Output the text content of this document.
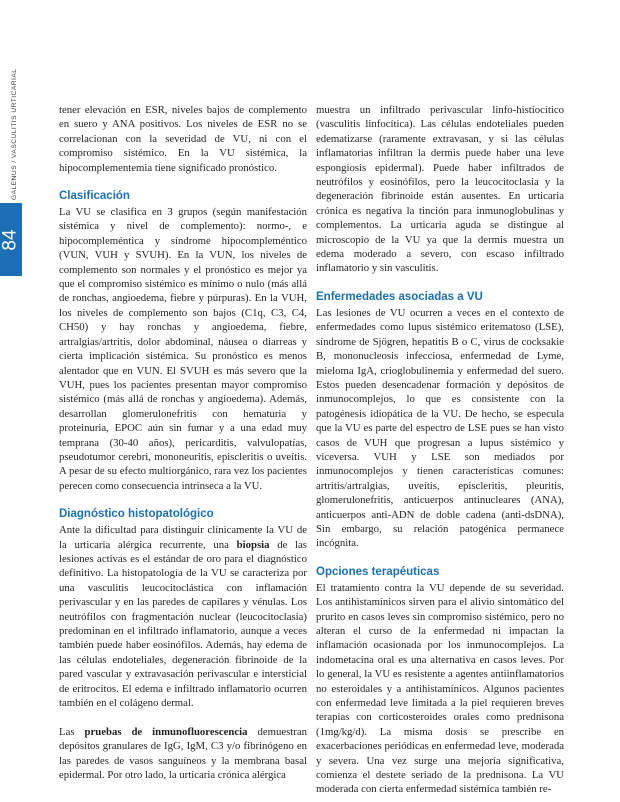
84
GALENUS / VASCULITIS URTICARIAL	tener elevación en ESR, niveles bajos de complemento en suero y ANA positivos. Los niveles de ESR no se correlacionan con la severidad de VU, ni con el compromiso sistémico. En la VU sistémica, la hipocomplementemia tiene significado pronóstico.

Clasificación

La VU se clasifica en 3 grupos (según manifestación sistémica y nivel de complemento): normo-, e hipocompleméntica y síndrome hipocompleméntico (VUN, VUH y SVUH). En la VUN, los niveles de complemento son normales y el pronóstico es mejor ya que el compromiso sistémico es mínimo o nulo (más allá de ronchas, angioedema, fiebre y púrpuras). En la VUH, los niveles de complemento son bajos (C1q, C3, C4, CH50) y hay ronchas y angioedema, fiebre, artralgias/artritis, dolor abdominal, náusea o diarreas y cierta implicación sistémica. Su pronóstico es menos alentador que en VUN. El SVUH es más severo que la VUH, pues los pacientes presentan mayor compromiso sistémico (más allá de ronchas y angioedema). Además, desarrollan glomerulonefritis con hematuria y proteinuria, EPOC aún sin fumar y a una edad muy temprana (30-40 años), pericarditis, valvulopatías, pseudotumor cerebri, mononeuritis, episcleritis o uveítis. A pesar de su efecto multiorgánico, rara vez los pacientes perecen como consecuencia intrínseca a la VU.

Diagnóstico histopatológico

Ante la dificultad para distinguir clínicamente la VU de la urticaria alérgica recurrente, una biopsia de las lesiones activas es el estándar de oro para el diagnóstico definitivo. La histopatología de la VU se caracteriza por una vasculitis leucocitoclástica con inflamación perivascular y en las paredes de capilares y vénulas. Los neutrófilos con fragmentación nuclear (leucocitoclasia) predominan en el infiltrado inflamatorio, aunque a veces también puede haber eosinófilos. Además, hay edema de las células endoteliales, degeneración fibrinoide de la pared vascular y extravasación perivascular e intersticial de eritrocitos. El edema e infiltrado inflamatorio ocurren también en el colágeno dermal.

Las pruebas de inmunofluorescencia demuestran depósitos granulares de IgG, IgM, C3 y/o fibrinógeno en las paredes de vasos sanguíneos y la membrana basal epidermal. Por otro lado, la urticaria crónica alérgica

muestra un infiltrado perivascular linfo-histiocítico (vasculitis linfocítica). Las células endoteliales pueden edematizarse (raramente extravasan, y si las células inflamatorias infiltran la dermis puede haber una leve espongiosis epidermal). Puede haber infiltrados de neutrófilos y eosinófilos, pero la leucocitoclasia y la degeneración fibrinoide están ausentes. En urticaria crónica es negativa la tinción para inmunoglobulinas y complementos. La urticaria aguda se distingue al microscopio de la VU ya que la dermis muestra un edema moderado a severo, con escaso infiltrado inflamatorio y sin vasculitis.

Enfermedades asociadas a VU

Las lesiones de VU ocurren a veces en el contexto de enfermedades como lupus sistémico eritematoso (LSE), síndrome de Sjögren, hepatitis B o C, virus de cocksakie B, mononucleosis infecciosa, enfermedad de Lyme, mieloma IgA, crioglobulinemia y enfermedad del suero. Estos pueden desencadenar formación y depósitos de inmunocomplejos, lo que es consistente con la patogénesis idiopática de la VU. De hecho, se especula que la VU es parte del espectro de LSE pues se han visto casos de VUH que progresan a lupus sistémico y viceversa. VUH y LSE son mediados por inmunocomplejos y tienen características comunes: artritis/artralgias, uveítis, episcleritis, pleuritis, glomerulonefritis, anticuerpos antinucleares (ANA), anticuerpos anti-ADN de doble cadena (anti-dsDNA), Sin embargo, su relación patogénica permanece incógnita.

Opciones terapéuticas

El tratamiento contra la VU depende de su severidad. Los antihistamínicos sirven para el alivio sintomático del prurito en casos leves sin compromiso sistémico, pero no alteran el curso de la enfermedad ni impactan la inflamación ocasionada por los inmunocomplejos. La indometacina oral es una alternativa en casos leves. Por lo general, la VU es resistente a agentes antiinflamatorios no esteroidales y a antihistamínicos. Algunos pacientes con enfermedad leve limitada a la piel requieren breves terapias con corticosteroides orales como prednisona (1mg/kg/d). La misma dosis se prescribe en exacerbaciones periódicas en enfermedad leve, moderada y severa. Una vez surge una mejoría significativa, comienza el destete seriado de la prednisona. La VU moderada con cierta enfermedad sistémica también re-
